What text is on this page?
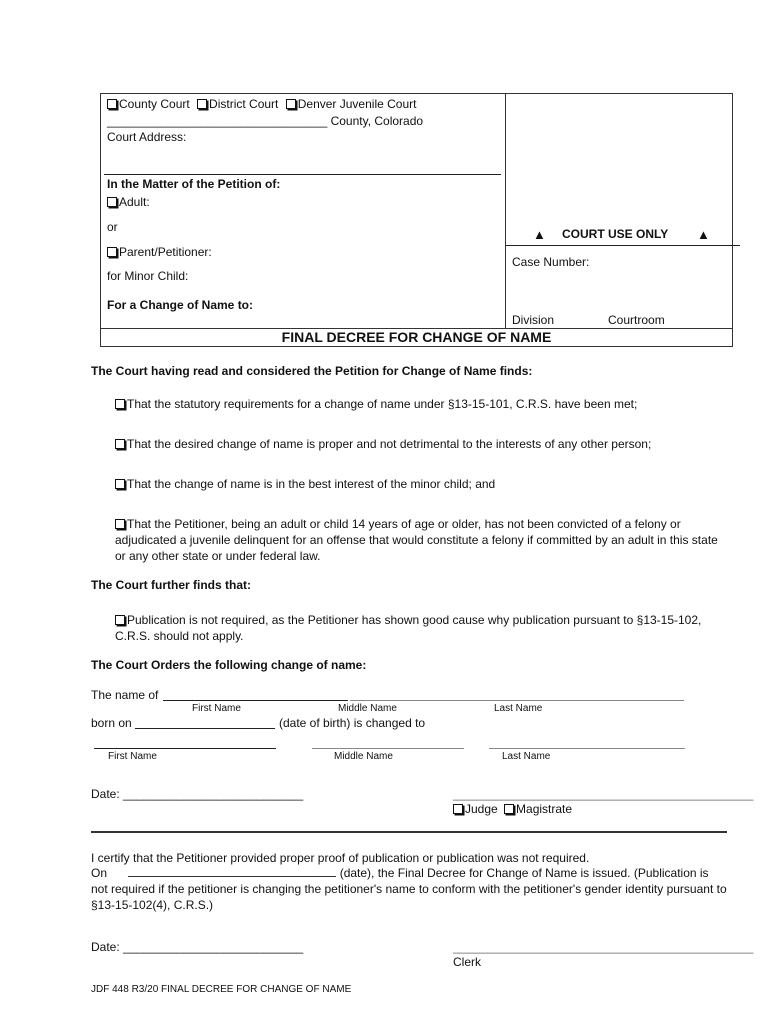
County Court District Court Denver Juvenile Court
_________________________________ County, Colorado
Court Address:
In the Matter of the Petition of:
Adult:
or
Parent/Petitioner:
for Minor Child:
For a Change of Name to:
▲ COURT USE ONLY ▲
Case Number:
Division	Courtroom
FINAL DECREE FOR CHANGE OF NAME
The Court having read and considered the Petition for Change of Name finds:
That the statutory requirements for a change of name under §13-15-101, C.R.S. have been met;
That the desired change of name is proper and not detrimental to the interests of any other person;
That the change of name is in the best interest of the minor child; and
That the Petitioner, being an adult or child 14 years of age or older, has not been convicted of a felony or adjudicated a juvenile delinquent for an offense that would constitute a felony if committed by an adult in this state or any other state or under federal law.
The Court further finds that:
Publication is not required, as the Petitioner has shown good cause why publication pursuant to §13-15-102, C.R.S. should not apply.
The Court Orders the following change of name:
The name of
First Name	Middle Name	Last Name
born on	(date of birth) is changed to
First Name	Middle Name	Last Name
Date: ___________________________	_____________________________________________
Judge Magistrate
I certify that the Petitioner provided proper proof of publication or publication was not required.
On	(date), the Final Decree for Change of Name is issued. (Publication is not required if the petitioner is changing the petitioner's name to conform with the petitioner's gender identity pursuant to §13-15-102(4), C.R.S.)
Date: ___________________________	_____________________________________________
Clerk
JDF 448 R3/20 FINAL DECREE FOR CHANGE OF NAME
